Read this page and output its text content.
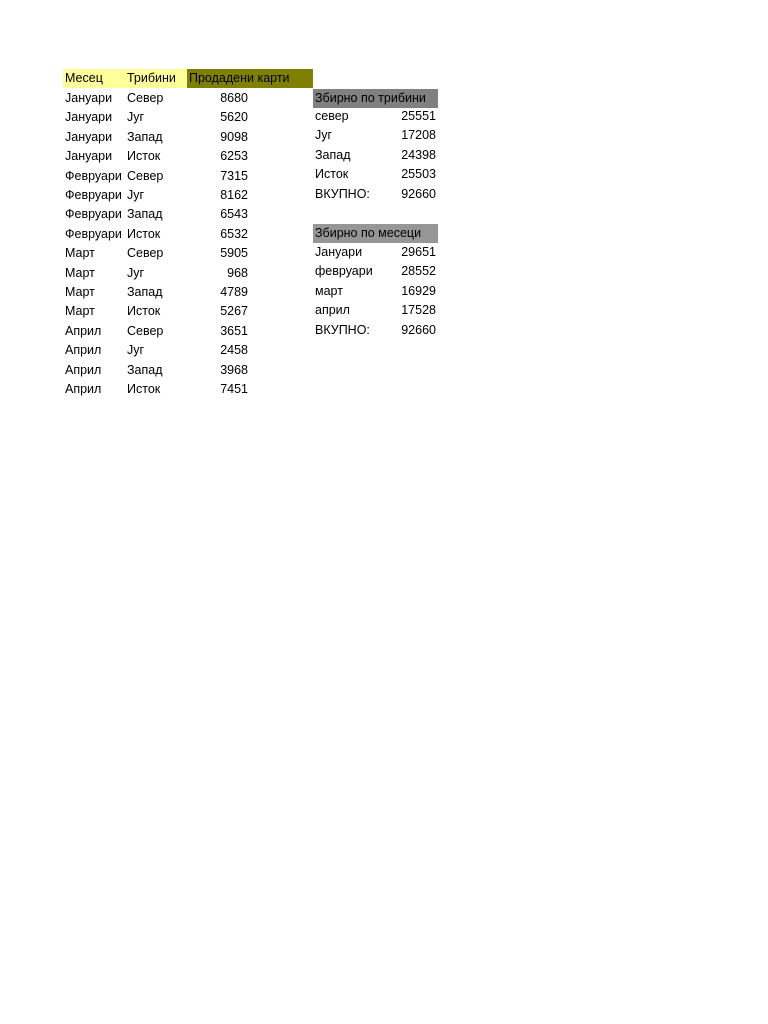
Месец	Трибини	Продадени карти
Јануари	Север	8680
Јануари	Југ	5620
Јануари	Запад	9098
Јануари	Исток	6253
Февруари Север	7315
Февруари Југ	8162
Февруари Запад	6543
Февруари Исток	6532
Март	Север	5905
Март	Југ	968
Март	Запад	4789
Март	Исток	5267
Април	Север	3651
Април	Југ	2458
Април	Запад	3968
Април	Исток	7451
Збирно по трибини
север	25551
Југ	17208
Запад	24398
Исток	25503
ВКУПНО:	92660
Збирно по месеци
Јануари	29651
февруари	28552
март	16929
април	17528
ВКУПНО:	92660
